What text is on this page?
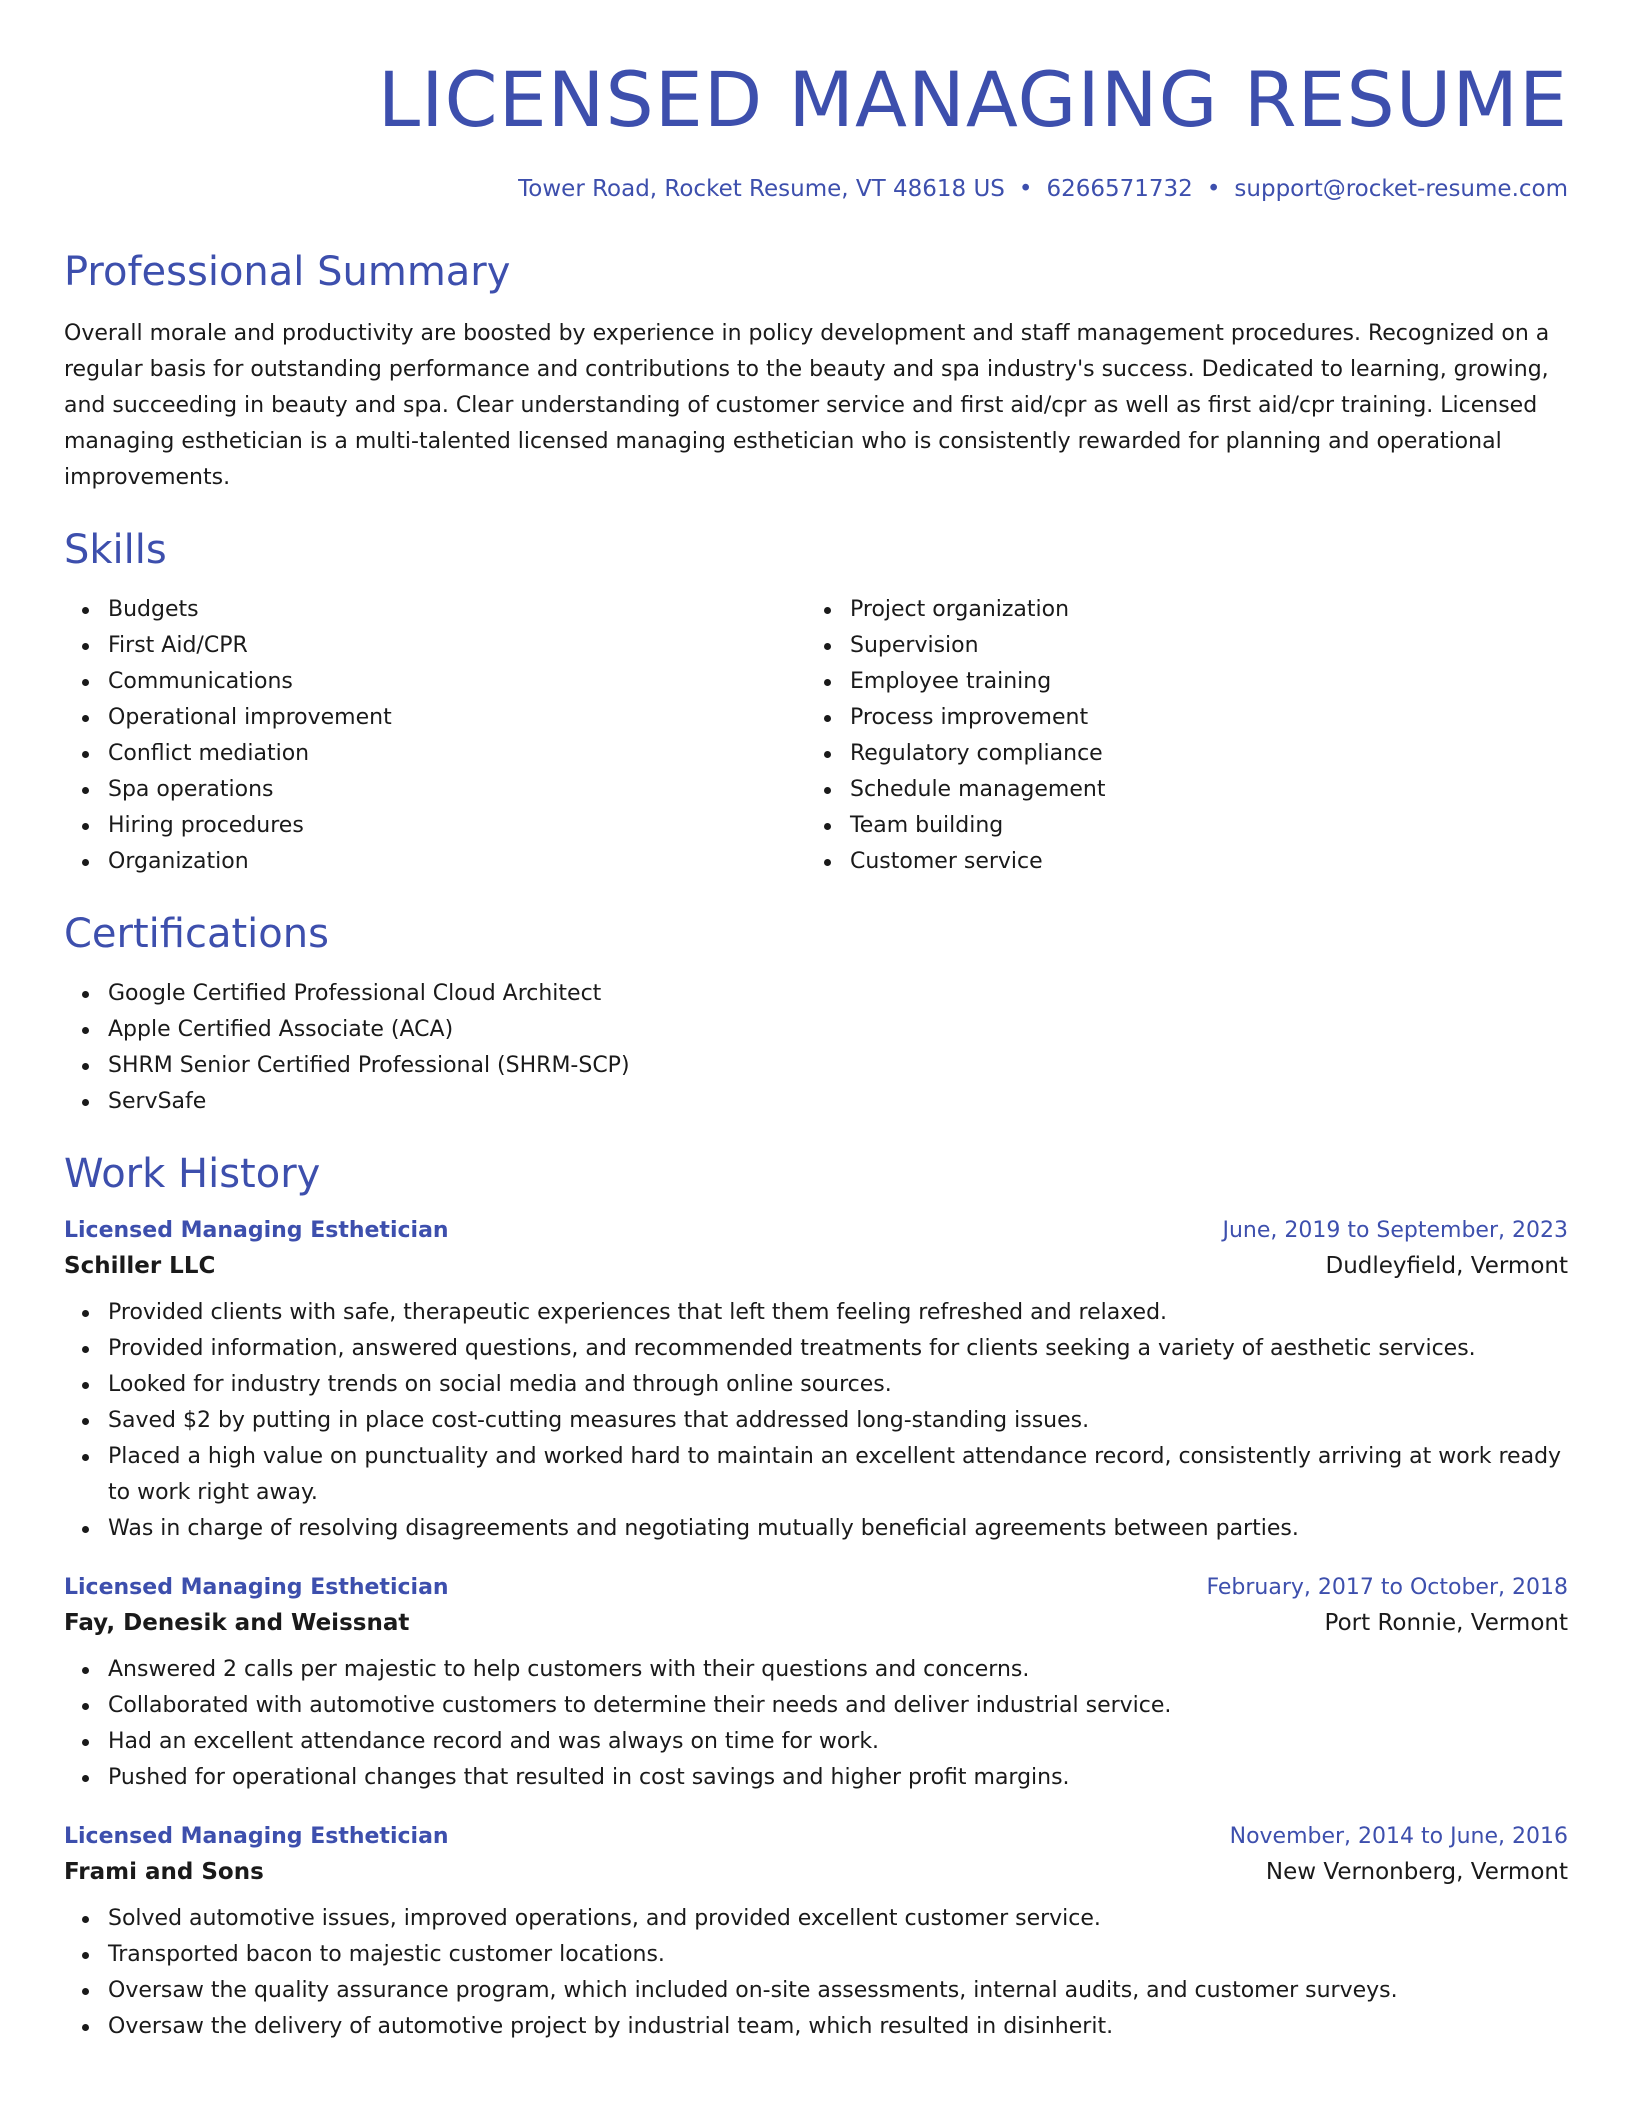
LICENSED MANAGING RESUME
Tower Road, Rocket Resume, VT 48618 US • 6266571732 • support@rocket-resume.com
Professional Summary
Overall morale and productivity are boosted by experience in policy development and staff management procedures. Recognized on a regular basis for outstanding performance and contributions to the beauty and spa industry's success. Dedicated to learning, growing, and succeeding in beauty and spa. Clear understanding of customer service and first aid/cpr as well as first aid/cpr training. Licensed managing esthetician is a multi-talented licensed managing esthetician who is consistently rewarded for planning and operational improvements.
Skills
Budgets
First Aid/CPR
Communications
Operational improvement
Conflict mediation
Spa operations
Hiring procedures
Organization
Project organization
Supervision
Employee training
Process improvement
Regulatory compliance
Schedule management
Team building
Customer service
Certifications
Google Certified Professional Cloud Architect
Apple Certified Associate (ACA)
SHRM Senior Certified Professional (SHRM-SCP)
ServSafe
Work History
Licensed Managing Esthetician	June, 2019 to September, 2023
Schiller LLC	Dudleyfield, Vermont
Provided clients with safe, therapeutic experiences that left them feeling refreshed and relaxed.
Provided information, answered questions, and recommended treatments for clients seeking a variety of aesthetic services.
Looked for industry trends on social media and through online sources.
Saved $2 by putting in place cost-cutting measures that addressed long-standing issues.
Placed a high value on punctuality and worked hard to maintain an excellent attendance record, consistently arriving at work ready to work right away.
Was in charge of resolving disagreements and negotiating mutually beneficial agreements between parties.
Licensed Managing Esthetician	February, 2017 to October, 2018
Fay, Denesik and Weissnat	Port Ronnie, Vermont
Answered 2 calls per majestic to help customers with their questions and concerns.
Collaborated with automotive customers to determine their needs and deliver industrial service.
Had an excellent attendance record and was always on time for work.
Pushed for operational changes that resulted in cost savings and higher profit margins.
Licensed Managing Esthetician	November, 2014 to June, 2016
Frami and Sons	New Vernonberg, Vermont
Solved automotive issues, improved operations, and provided excellent customer service.
Transported bacon to majestic customer locations.
Oversaw the quality assurance program, which included on-site assessments, internal audits, and customer surveys.
Oversaw the delivery of automotive project by industrial team, which resulted in disinherit.
